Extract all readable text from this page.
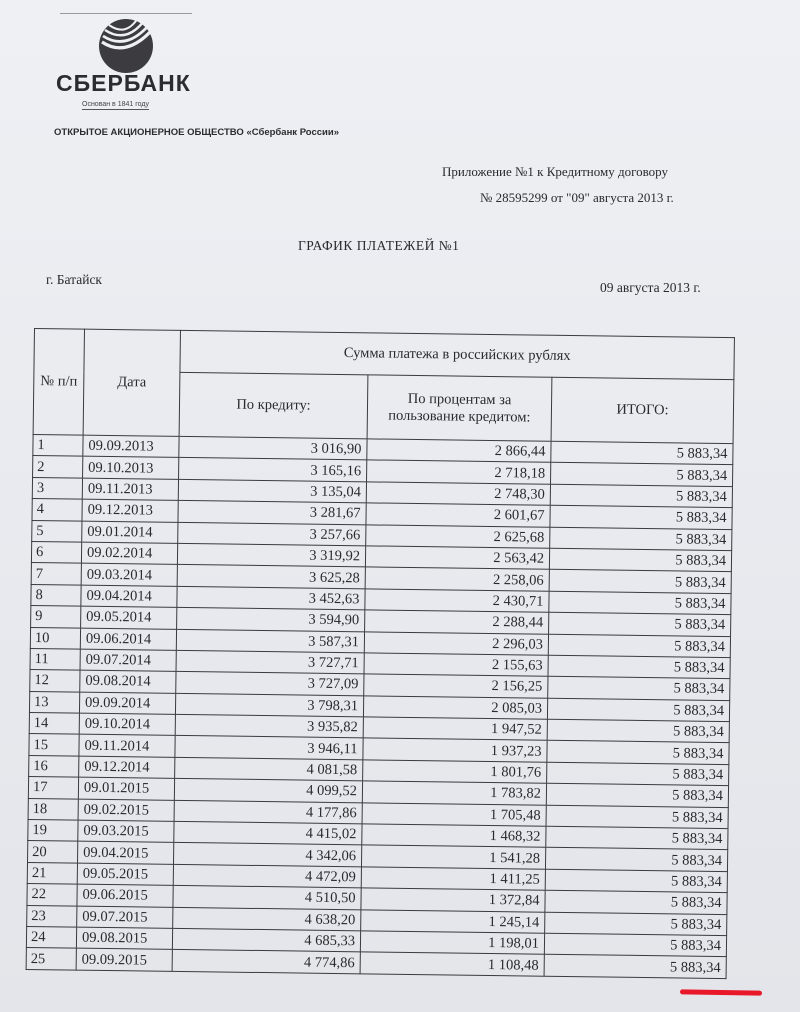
СБЕРБАНК
Основан в 1841 году
ОТКРЫТОЕ АКЦИОНЕРНОЕ ОБЩЕСТВО «Сбербанк России»
Приложение №1 к Кредитному договору
№ 28595299 от "09" августа 2013 г.
ГРАФИК ПЛАТЕЖЕЙ №1
г. Батайск
09 августа 2013 г.
№ п/п	Дата	Сумма платежа в российских рублях		
		По кредиту:	По процентам за пользование кредитом:	ИТОГО:
1	09.09.2013	3 016,90	2 866,44	5 883,34
2	09.10.2013	3 165,16	2 718,18	5 883,34
3	09.11.2013	3 135,04	2 748,30	5 883,34
4	09.12.2013	3 281,67	2 601,67	5 883,34
5	09.01.2014	3 257,66	2 625,68	5 883,34
6	09.02.2014	3 319,92	2 563,42	5 883,34
7	09.03.2014	3 625,28	2 258,06	5 883,34
8	09.04.2014	3 452,63	2 430,71	5 883,34
9	09.05.2014	3 594,90	2 288,44	5 883,34
10	09.06.2014	3 587,31	2 296,03	5 883,34
11	09.07.2014	3 727,71	2 155,63	5 883,34
12	09.08.2014	3 727,09	2 156,25	5 883,34
13	09.09.2014	3 798,31	2 085,03	5 883,34
14	09.10.2014	3 935,82	1 947,52	5 883,34
15	09.11.2014	3 946,11	1 937,23	5 883,34
16	09.12.2014	4 081,58	1 801,76	5 883,34
17	09.01.2015	4 099,52	1 783,82	5 883,34
18	09.02.2015	4 177,86	1 705,48	5 883,34
19	09.03.2015	4 415,02	1 468,32	5 883,34
20	09.04.2015	4 342,06	1 541,28	5 883,34
21	09.05.2015	4 472,09	1 411,25	5 883,34
22	09.06.2015	4 510,50	1 372,84	5 883,34
23	09.07.2015	4 638,20	1 245,14	5 883,34
24	09.08.2015	4 685,33	1 198,01	5 883,34
25	09.09.2015	4 774,86	1 108,48	5 883,34
